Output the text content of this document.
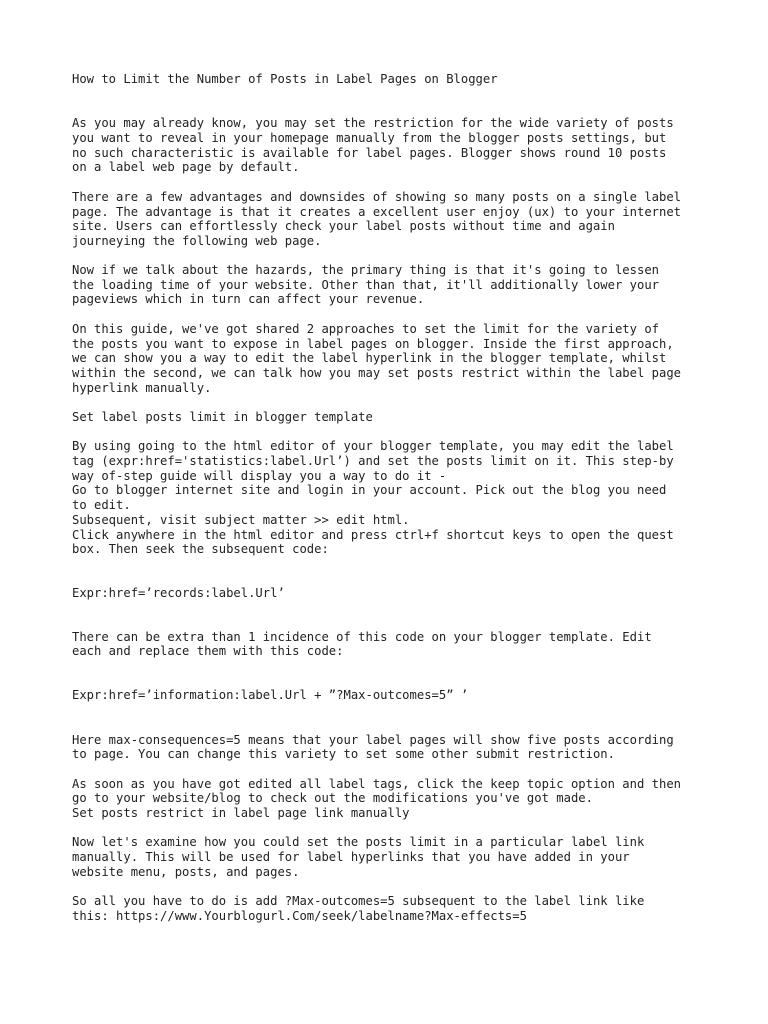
How to Limit the Number of Posts in Label Pages on Blogger
As you may already know, you may set the restriction for the wide variety of posts
you want to reveal in your homepage manually from the blogger posts settings, but
no such characteristic is available for label pages. Blogger shows round 10 posts
on a label web page by default.
There are a few advantages and downsides of showing so many posts on a single label
page. The advantage is that it creates a excellent user enjoy (ux) to your internet
site. Users can effortlessly check your label posts without time and again
journeying the following web page.
Now if we talk about the hazards, the primary thing is that it's going to lessen
the loading time of your website. Other than that, it'll additionally lower your
pageviews which in turn can affect your revenue.
On this guide, we've got shared 2 approaches to set the limit for the variety of
the posts you want to expose in label pages on blogger. Inside the first approach,
we can show you a way to edit the label hyperlink in the blogger template, whilst
within the second, we can talk how you may set posts restrict within the label page
hyperlink manually.
Set label posts limit in blogger template
By using going to the html editor of your blogger template, you may edit the label
tag (expr:href='statistics:label.Url’) and set the posts limit on it. This step-by
way of-step guide will display you a way to do it -
Go to blogger internet site and login in your account. Pick out the blog you need
to edit.
Subsequent, visit subject matter >> edit html.
Click anywhere in the html editor and press ctrl+f shortcut keys to open the quest
box. Then seek the subsequent code:
Expr:href=’records:label.Url’
There can be extra than 1 incidence of this code on your blogger template. Edit
each and replace them with this code:
Expr:href=’information:label.Url + ”?Max-outcomes=5” ’
Here max-consequences=5 means that your label pages will show five posts according
to page. You can change this variety to set some other submit restriction.
As soon as you have got edited all label tags, click the keep topic option and then
go to your website/blog to check out the modifications you've got made.
Set posts restrict in label page link manually
Now let's examine how you could set the posts limit in a particular label link
manually. This will be used for label hyperlinks that you have added in your
website menu, posts, and pages.
So all you have to do is add ?Max-outcomes=5 subsequent to the label link like
this: https://www.Yourblogurl.Com/seek/labelname?Max-effects=5
